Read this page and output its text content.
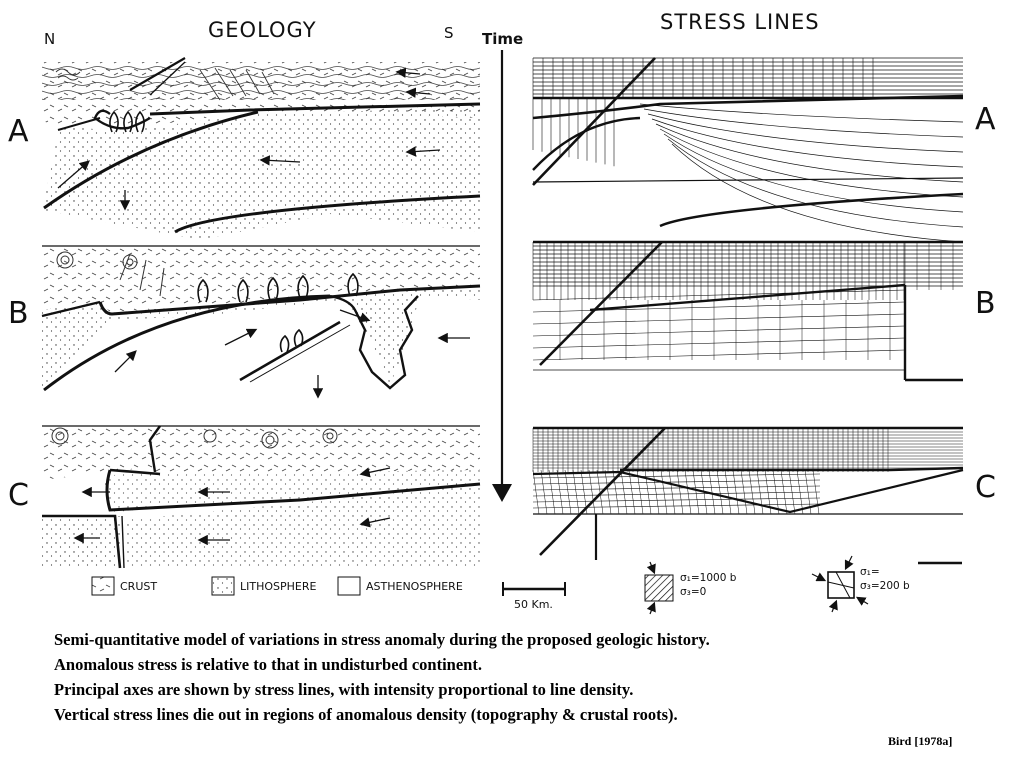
GEOLOGY	STRESS LINES
N	S Time
A
B
C
A
B
C
CRUST	LITHOSPHERE	ASTHENOSPHERE
50 Km.
σ₁=1000 b
σ₃=0
σ₁=
σ₃=200 b
Semi-quantitative model of variations in stress anomaly during the proposed geologic history.
Anomalous stress is relative to that in undisturbed continent.
Principal axes are shown by stress lines, with intensity proportional to line density.
Vertical stress lines die out in regions of anomalous density (topography & crustal roots).
Bird [1978a]
